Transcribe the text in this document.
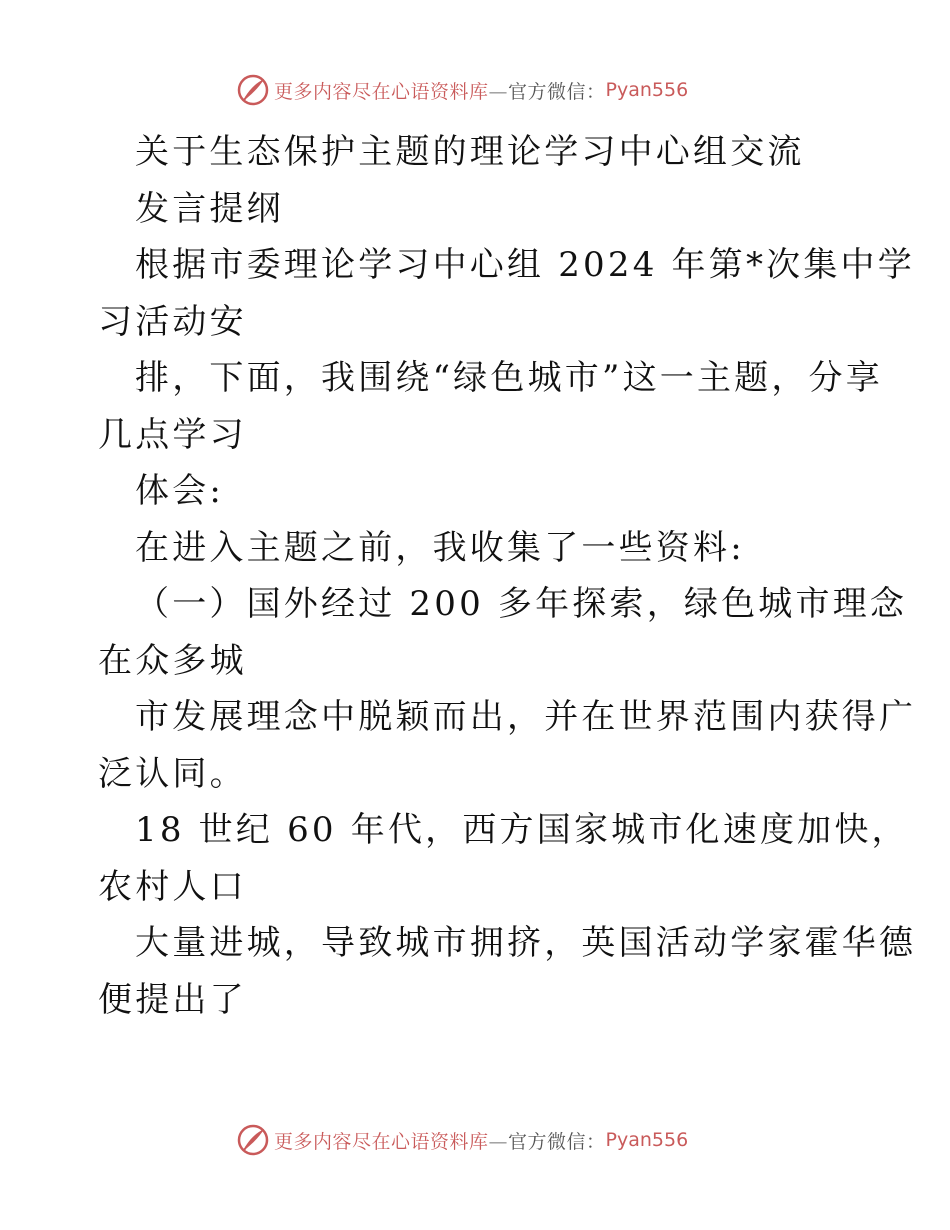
更多内容尽在心语资料库—官方微信： Pyan556
关于生态保护主题的理论学习中心组交流
发言提纲
根据市委理论学习中心组 2024 年第*次集中学
习活动安
排，下面，我围绕“绿色城市”这一主题，分享
几点学习
体会:
在进入主题之前，我收集了一些资料:
（一）国外经过 200 多年探索，绿色城市理念
在众多城
市发展理念中脱颖而出，并在世界范围内获得广
泛认同。
18 世纪 60 年代，西方国家城市化速度加快，
农村人口
大量进城，导致城市拥挤，英国活动学家霍华德
便提出了
更多内容尽在心语资料库—官方微信： Pyan556
